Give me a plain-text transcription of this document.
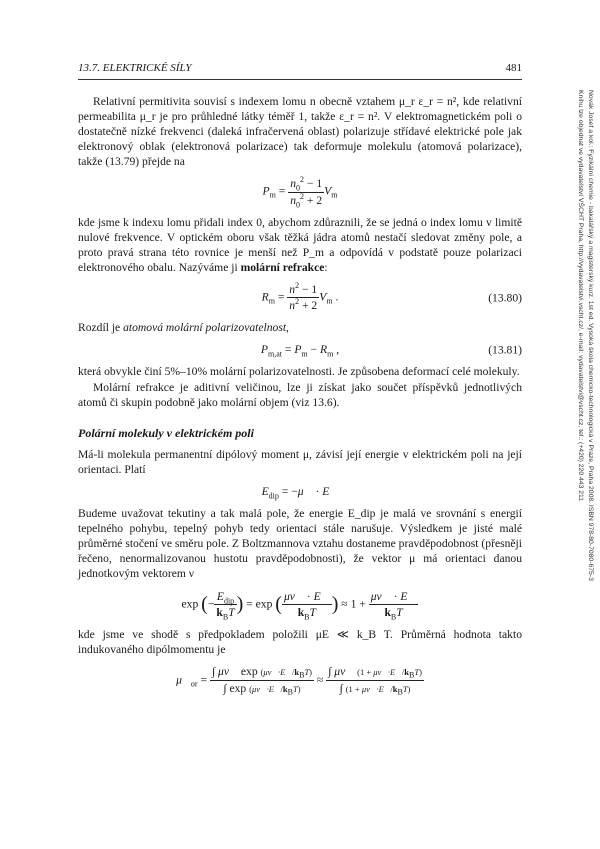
13.7. ELEKTRICKÉ SÍLY	481
Novák Josef a kol.: Fyzikální chemie - bakalářský a magisterský kurz. 1st ed. Vysoká škola chemicko-technologická v Praze, Praha 2008. ISBN 978-80-7080-675-3
Knihu lze objednat ve vydavatelství VŠCHT Praha, http://vydavatelstvi.vscht.cz/, e-mail: vydavatelstvi@vscht.cz, tel.: (+420) 220 443 211

Relativní permitivita souvisí s indexem lomu n obecně vztahem μ_r ε_r = n², kde relativní permeabilita μ_r je pro průhledné látky téměř 1, takže ε_r = n². V elektromagnetickém poli o dostatečně nízké frekvenci (daleká infračervená oblast) polarizuje střídavé elektrické pole jak elektronový oblak (elektronová polarizace) tak deformuje molekulu (atomová polarizace), takže (13.79) přejde na

$P_m = \frac{n_0^2 - 1}{n_0^2 + 2} V_m$

kde jsme k indexu lomu přidali index 0, abychom zdůraznili, že se jedná o index lomu v limitě nulové frekvence. V optickém oboru však těžká jádra atomů nestačí sledovat změny pole, a proto pravá strana této rovnice je menší než P_m a odpovídá v podstatě pouze polarizaci elektronového obalu. Nazýváme ji molární refrakce:

$R_m = \frac{n^2 - 1}{n^2 + 2} V_m$ .	(13.80)

Rozdíl je atomová molární polarizovatelnost,

$P_{m,at} = P_m - R_m$ ,	(13.81)

která obvykle činí 5%–10% molární polarizovatelnosti. Je způsobena deformací celé molekuly.

Molární refrakce je aditivní veličinou, lze ji získat jako součet příspěvků jednotlivých atomů či skupin podobně jako molární objem (viz 13.6).

Polární molekuly v elektrickém poli

Má-li molekula permanentní dipólový moment μ, závisí její energie v elektrickém poli na její orientaci. Platí

$E_{dip}$ = −μ⃗ · E⃗

Budeme uvažovat tekutiny a tak malá pole, že energie E_dip je malá ve srovnání s energií tepelného pohybu, tepelný pohyb tedy orientaci stále narušuje. Výsledkem je jisté malé průměrné stočení ve směru pole. Z Boltzmannova vztahu dostaneme pravděpodobnost (přesněji řečeno, nenormalizovanou hustotu pravděpodobnosti), že vektor μ má orientaci danou jednotkovým vektorem ν

exp (− $\frac{E_{dip}}{k_BT}$ ) = exp ( $\frac{\mu\nu⃗ \cdot E⃗}{k_BT}$ ) ≈ $1 + \frac{\mu\nu⃗ \cdot E⃗}{k_BT}$

kde jsme ve shodě s předpokladem položili μE ≪ k_B T. Průměrná hodnota takto indukovaného dipólmomentu je

$\mu⃗_{or} = \frac{\int \mu\nu⃗ \exp (\mu\nu⃗\cdot E⃗/k_BT)}{\int \exp (\mu\nu⃗\cdot E⃗/k_BT)} \approx \frac{\int \mu\nu⃗ (1 + \mu\nu⃗\cdot E⃗/k_BT)}{\int (1 + \mu\nu⃗\cdot E⃗/k_BT)}$
